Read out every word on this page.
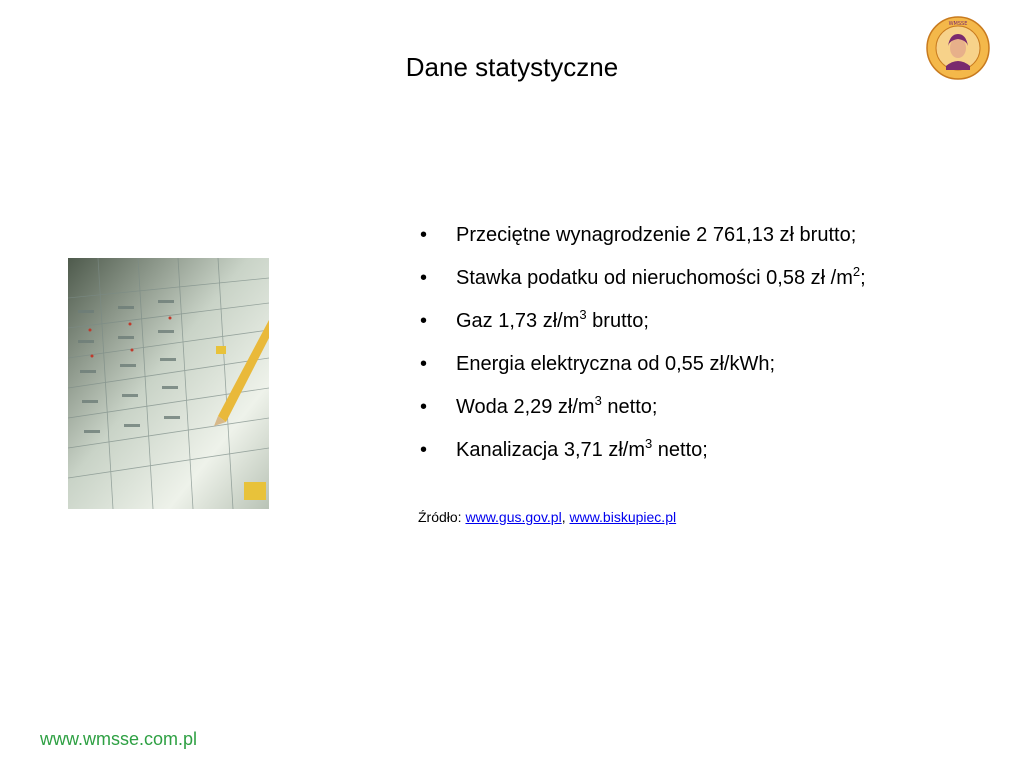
Dane statystyczne
WMSSE
• Przeciętne wynagrodzenie 2 761,13 zł brutto;
• Stawka podatku od nieruchomości 0,58 zł $/m^2$;
• Gaz 1,73 $zł/m^3$ brutto;
• Energia elektryczna od 0,55 zł/kWh;
• Woda 2,29 $zł/m^3$ netto;
• Kanalizacja 3,71 $zł/m^3$ netto;
Źródło: www.gus.gov.pl, www.biskupiec.pl
www.wmsse.com.pl
